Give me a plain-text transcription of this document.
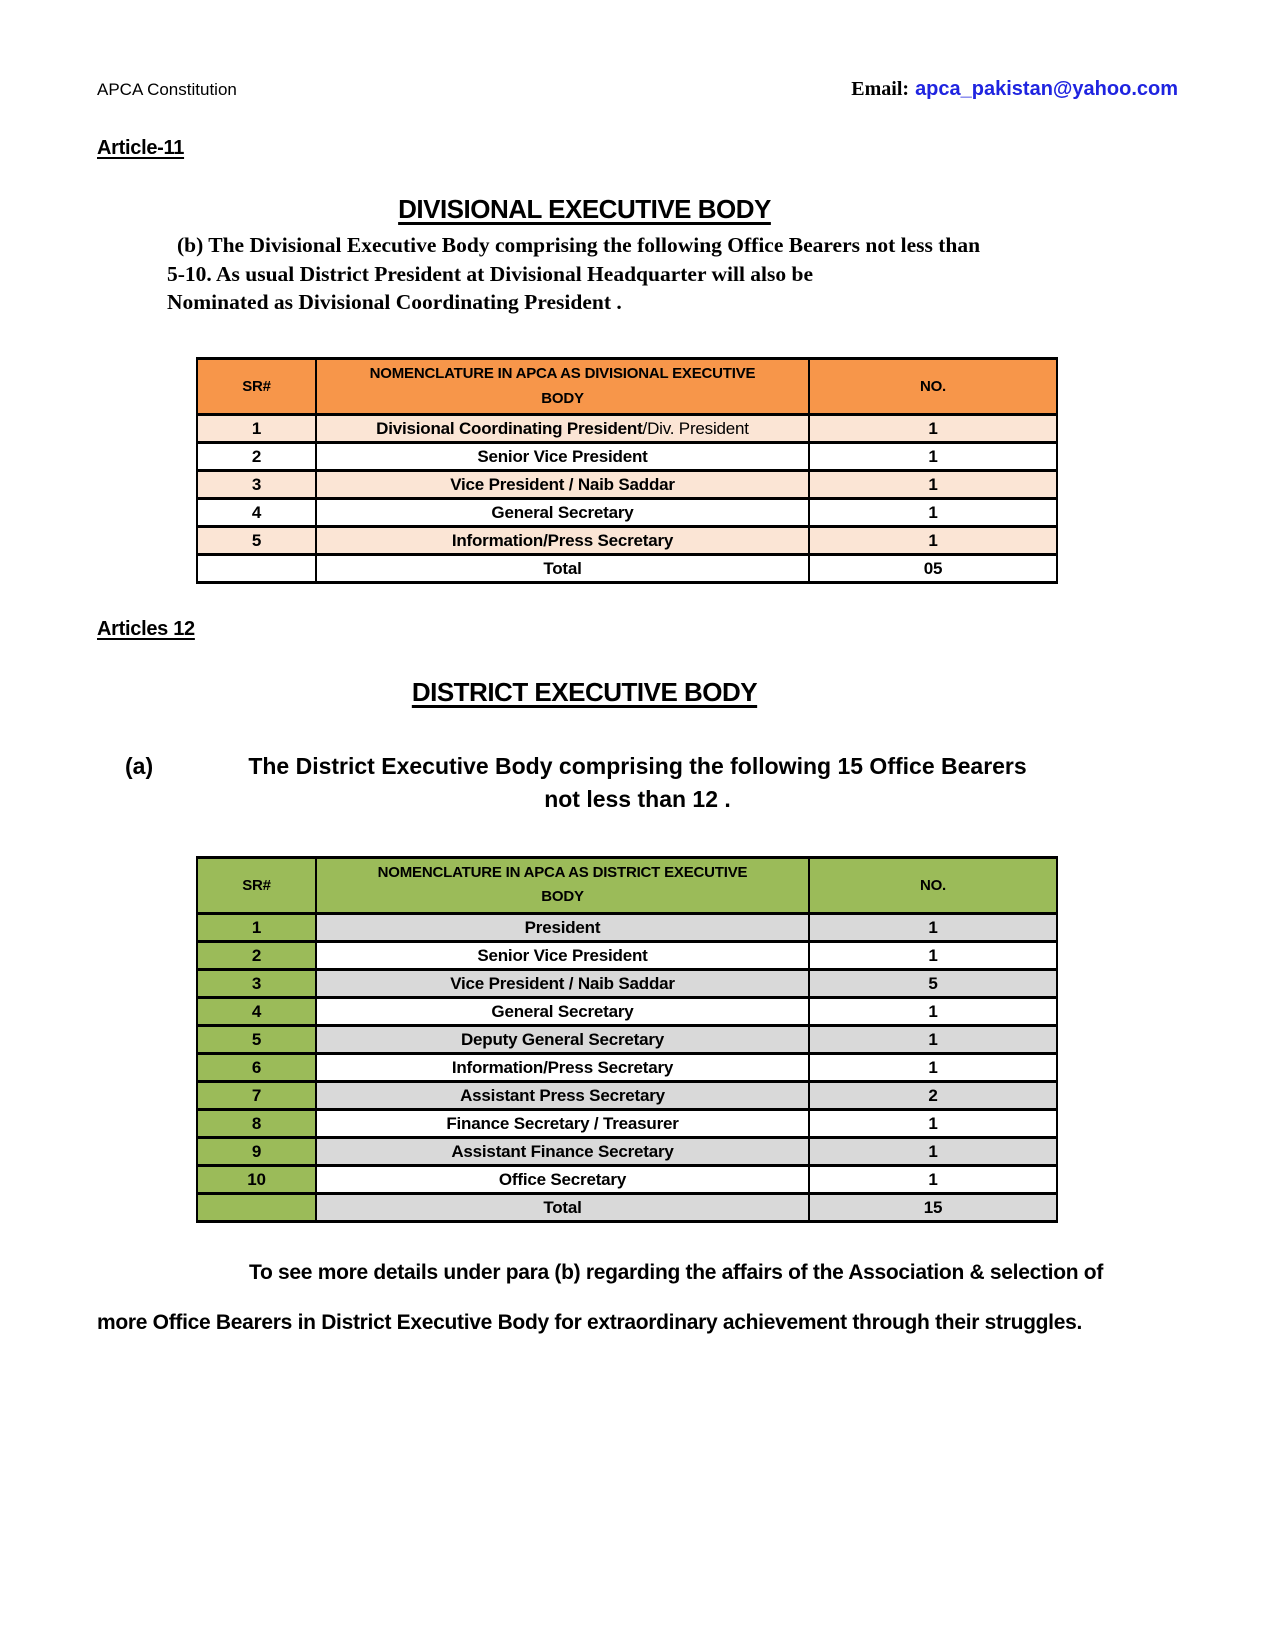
APCA Constitution	Email: apca_pakistan@yahoo.com
Article-11
DIVISIONAL EXECUTIVE BODY
(b) The Divisional Executive Body comprising the following Office Bearers not less than
5-10. As usual District President at Divisional Headquarter will also be
Nominated as Divisional Coordinating President .
SR#	NOMENCLATURE IN APCA AS DIVISIONAL EXECUTIVE BODY	NO.
1	Divisional Coordinating President/Div. President	1
2	Senior Vice President	1
3	Vice President / Naib Saddar	1
4	General Secretary	1
5	Information/Press Secretary	1
	Total	05
Articles 12
DISTRICT EXECUTIVE BODY
(a)	The District Executive Body comprising the following 15 Office Bearers
not less than 12 .
SR#	NOMENCLATURE IN APCA AS DISTRICT EXECUTIVE BODY	NO.
1	President	1
2	Senior Vice President	1
3	Vice President / Naib Saddar	5
4	General Secretary	1
5	Deputy General Secretary	1
6	Information/Press Secretary	1
7	Assistant Press Secretary	2
8	Finance Secretary / Treasurer	1
9	Assistant Finance Secretary	1
10	Office Secretary	1
	Total	15
To see more details under para (b) regarding the affairs of the Association & selection of
more Office Bearers in District Executive Body for extraordinary achievement through their struggles.
